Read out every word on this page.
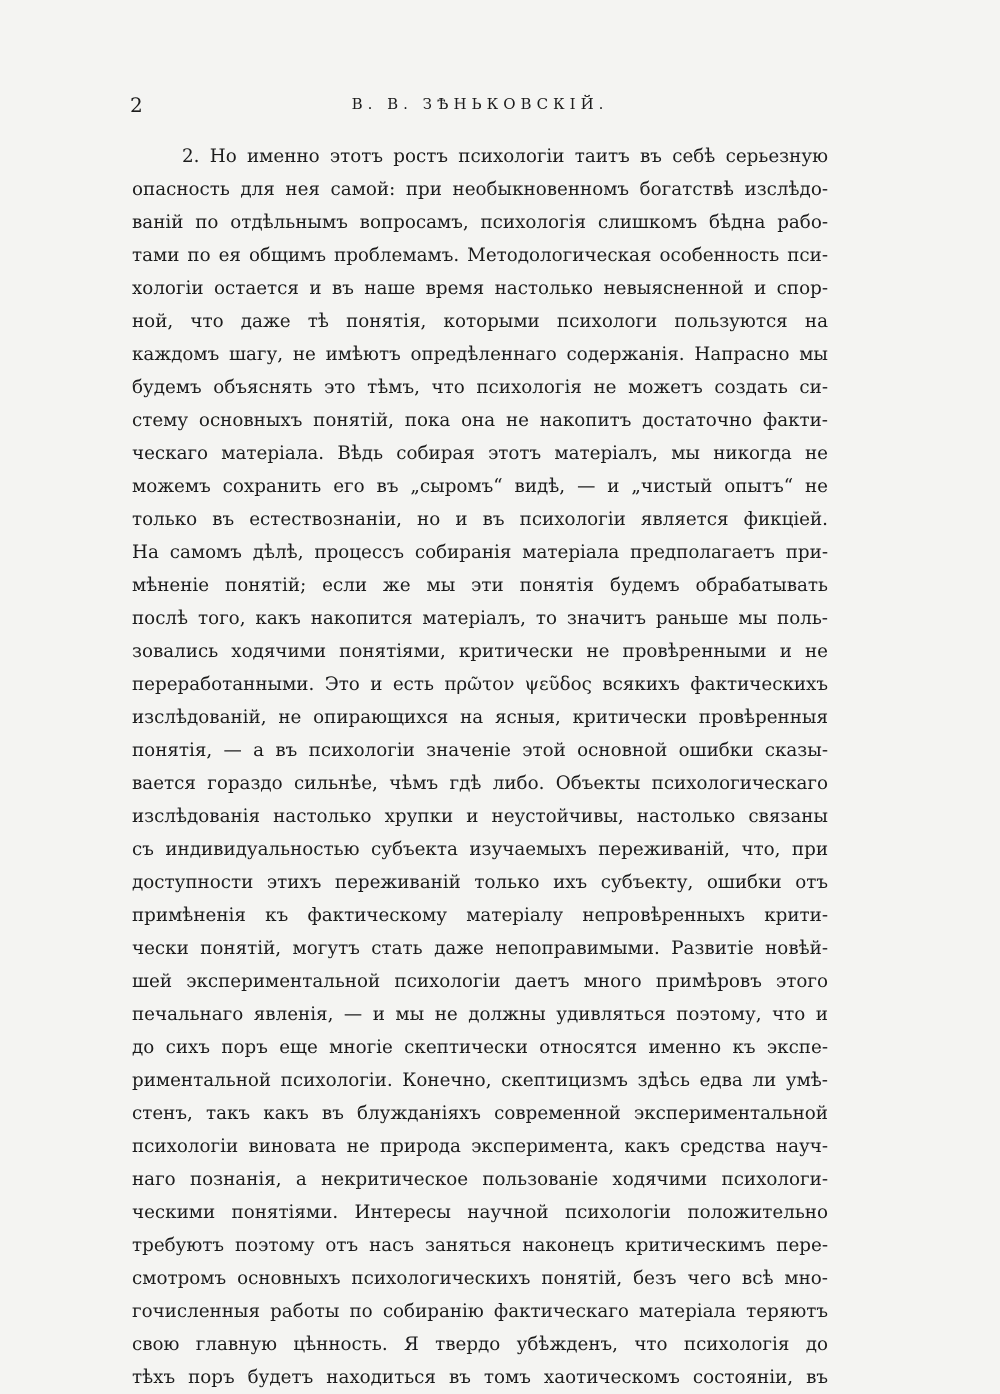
2	В. В. ЗѢНЬКОВСКІЙ.
2. Но именно этотъ ростъ психологіи таитъ въ себѣ серьезную
опасность для нея самой: при необыкновенномъ богатствѣ изслѣдо-
ваній по отдѣльнымъ вопросамъ, психологія слишкомъ бѣдна рабо-
тами по ея общимъ проблемамъ. Методологическая особенность пси-
хологіи остается и въ наше время настолько невыясненной и спор-
ной, что даже тѣ понятія, которыми психологи пользуются на
каждомъ шагу, не имѣютъ опредѣленнаго содержанія. Напрасно мы
будемъ объяснять это тѣмъ, что психологія не можетъ создать си-
стему основныхъ понятій, пока она не накопитъ достаточно факти-
ческаго матеріала. Вѣдь собирая этотъ матеріалъ, мы никогда не
можемъ сохранить его въ „сыромъ“ видѣ, — и „чистый опытъ“ не
только въ естествознаніи, но и въ психологіи является фикціей.
На самомъ дѣлѣ, процессъ собиранія матеріала предполагаетъ при-
мѣненіе понятій; если же мы эти понятія будемъ обрабатывать
послѣ того, какъ накопится матеріалъ, то значитъ раньше мы поль-
зовались ходячими понятіями, критически не провѣренными и не
переработанными. Это и есть πρῶτον ψεῦδος всякихъ фактическихъ
изслѣдованій, не опирающихся на ясныя, критически провѣренныя
понятія, — а въ психологіи значеніе этой основной ошибки сказы-
вается гораздо сильнѣе, чѣмъ гдѣ либо. Объекты психологическаго
изслѣдованія настолько хрупки и неустойчивы, настолько связаны
съ индивидуальностью субъекта изучаемыхъ переживаній, что, при
доступности этихъ переживаній только ихъ субъекту, ошибки отъ
примѣненія къ фактическому матеріалу непровѣренныхъ крити-
чески понятій, могутъ стать даже непоправимыми. Развитіе новѣй-
шей экспериментальной психологіи даетъ много примѣровъ этого
печальнаго явленія, — и мы не должны удивляться поэтому, что и
до сихъ поръ еще многіе скептически относятся именно къ экспе-
риментальной психологіи. Конечно, скептицизмъ здѣсь едва ли умѣ-
стенъ, такъ какъ въ блужданіяхъ современной экспериментальной
психологіи виновата не природа эксперимента, какъ средства науч-
наго познанія, а некритическое пользованіе ходячими психологи-
ческими понятіями. Интересы научной психологіи положительно
требуютъ поэтому отъ насъ заняться наконецъ критическимъ пере-
смотромъ основныхъ психологическихъ понятій, безъ чего всѣ мно-
гочисленныя работы по собиранію фактическаго матеріала теряютъ
свою главную цѣнность. Я твердо убѣжденъ, что психологія до
тѣхъ поръ будетъ находиться въ томъ хаотическомъ состояніи, въ
